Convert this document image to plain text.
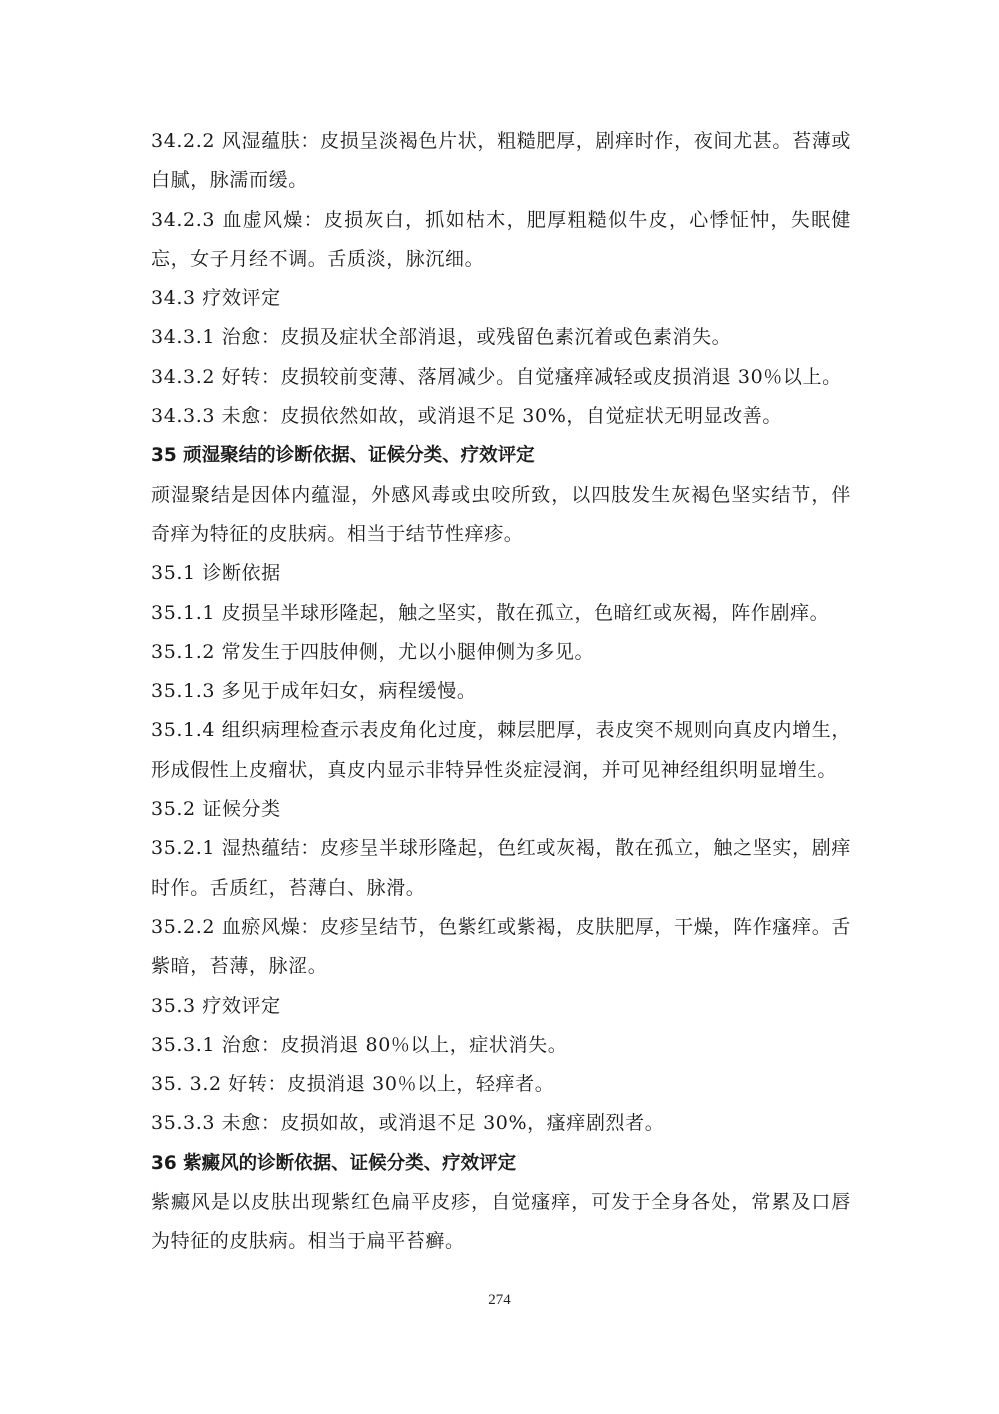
34.2.2 风湿蕴肤：皮损呈淡褐色片状，粗糙肥厚，剧痒时作，夜间尤甚。苔薄或白腻，脉濡而缓。
34.2.3 血虚风燥：皮损灰白，抓如枯木，肥厚粗糙似牛皮，心悸怔忡，失眠健忘，女子月经不调。舌质淡，脉沉细。
34.3 疗效评定
34.3.1 治愈：皮损及症状全部消退，或残留色素沉着或色素消失。
34.3.2 好转：皮损较前变薄、落屑减少。自觉瘙痒减轻或皮损消退 30％以上。
34.3.3 未愈：皮损依然如故，或消退不足 30%，自觉症状无明显改善。
35 顽湿聚结的诊断依据、证候分类、疗效评定
顽湿聚结是因体内蕴湿，外感风毒或虫咬所致，以四肢发生灰褐色坚实结节，伴奇痒为特征的皮肤病。相当于结节性痒疹。
35.1 诊断依据
35.1.1 皮损呈半球形隆起，触之坚实，散在孤立，色暗红或灰褐，阵作剧痒。
35.1.2 常发生于四肢伸侧，尤以小腿伸侧为多见。
35.1.3 多见于成年妇女，病程缓慢。
35.1.4 组织病理检查示表皮角化过度，棘层肥厚，表皮突不规则向真皮内增生，形成假性上皮瘤状，真皮内显示非特异性炎症浸润，并可见神经组织明显增生。
35.2 证候分类
35.2.1 湿热蕴结：皮疹呈半球形隆起，色红或灰褐，散在孤立，触之坚实，剧痒时作。舌质红，苔薄白、脉滑。
35.2.2 血瘀风燥：皮疹呈结节，色紫红或紫褐，皮肤肥厚，干燥，阵作瘙痒。舌紫暗，苔薄，脉涩。
35.3 疗效评定
35.3.1 治愈：皮损消退 80％以上，症状消失。
35. 3.2 好转：皮损消退 30％以上，轻痒者。
35.3.3 未愈：皮损如故，或消退不足 30%，瘙痒剧烈者。
36 紫癜风的诊断依据、证候分类、疗效评定
紫癜风是以皮肤出现紫红色扁平皮疹，自觉瘙痒，可发于全身各处，常累及口唇为特征的皮肤病。相当于扁平苔癣。
274
